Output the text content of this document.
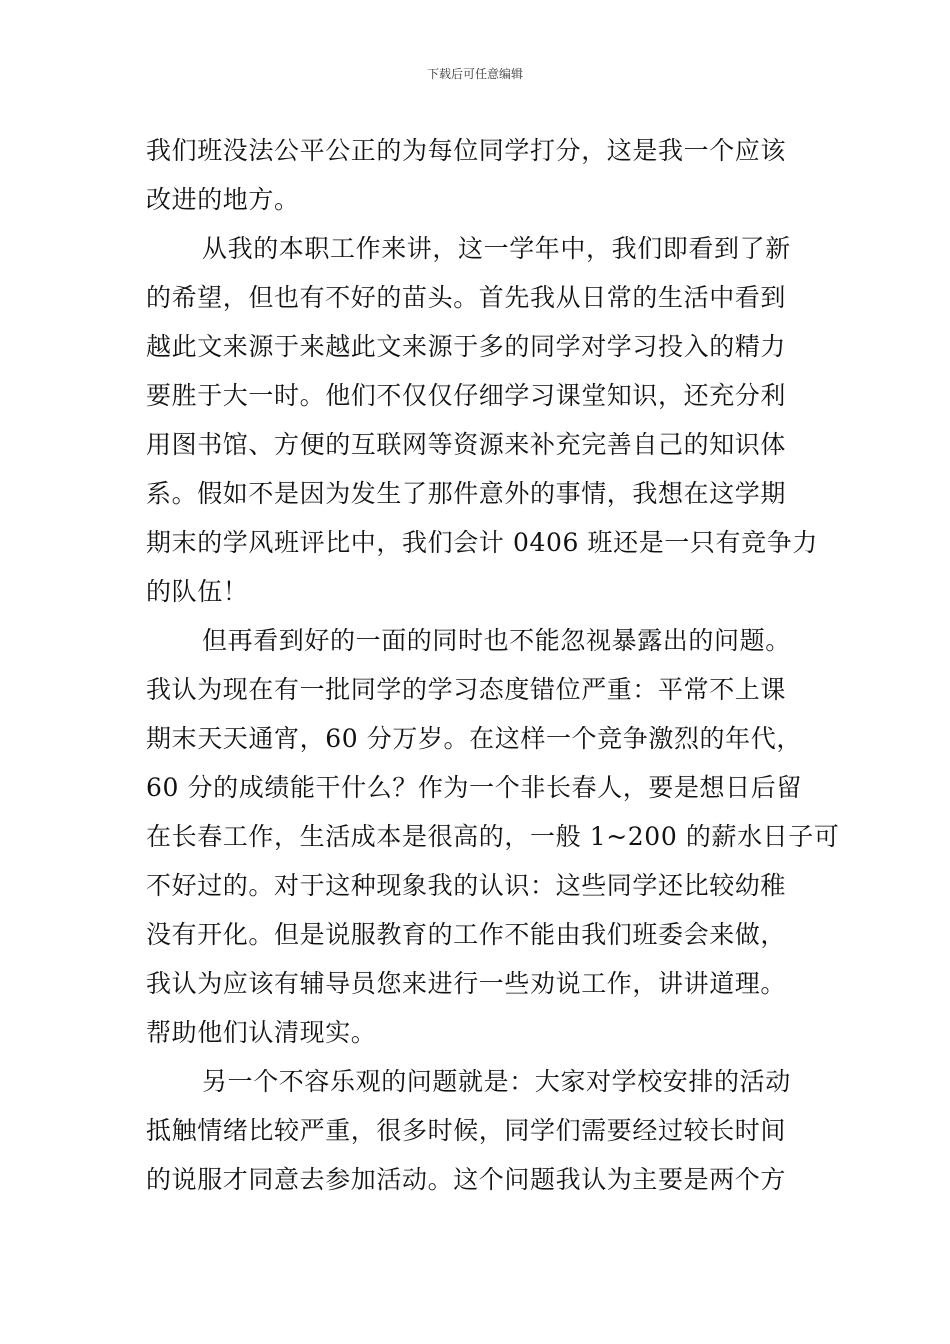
下载后可任意编辑
我们班没法公平公正的为每位同学打分，这是我一个应该
改进的地方。
从我的本职工作来讲，这一学年中，我们即看到了新
的希望，但也有不好的苗头。首先我从日常的生活中看到
越此文来源于来越此文来源于多的同学对学习投入的精力
要胜于大一时。他们不仅仅仔细学习课堂知识，还充分利
用图书馆、方便的互联网等资源来补充完善自己的知识体
系。假如不是因为发生了那件意外的事情，我想在这学期
期末的学风班评比中，我们会计 0406 班还是一只有竞争力
的队伍！
但再看到好的一面的同时也不能忽视暴露出的问题。
我认为现在有一批同学的学习态度错位严重：平常不上课
期末天天通宵，60 分万岁。在这样一个竞争激烈的年代，
60 分的成绩能干什么？作为一个非长春人，要是想日后留
在长春工作，生活成本是很高的，一般 1~200 的薪水日子可
不好过的。对于这种现象我的认识：这些同学还比较幼稚
没有开化。但是说服教育的工作不能由我们班委会来做，
我认为应该有辅导员您来进行一些劝说工作，讲讲道理。
帮助他们认清现实。
另一个不容乐观的问题就是：大家对学校安排的活动
抵触情绪比较严重，很多时候，同学们需要经过较长时间
的说服才同意去参加活动。这个问题我认为主要是两个方
